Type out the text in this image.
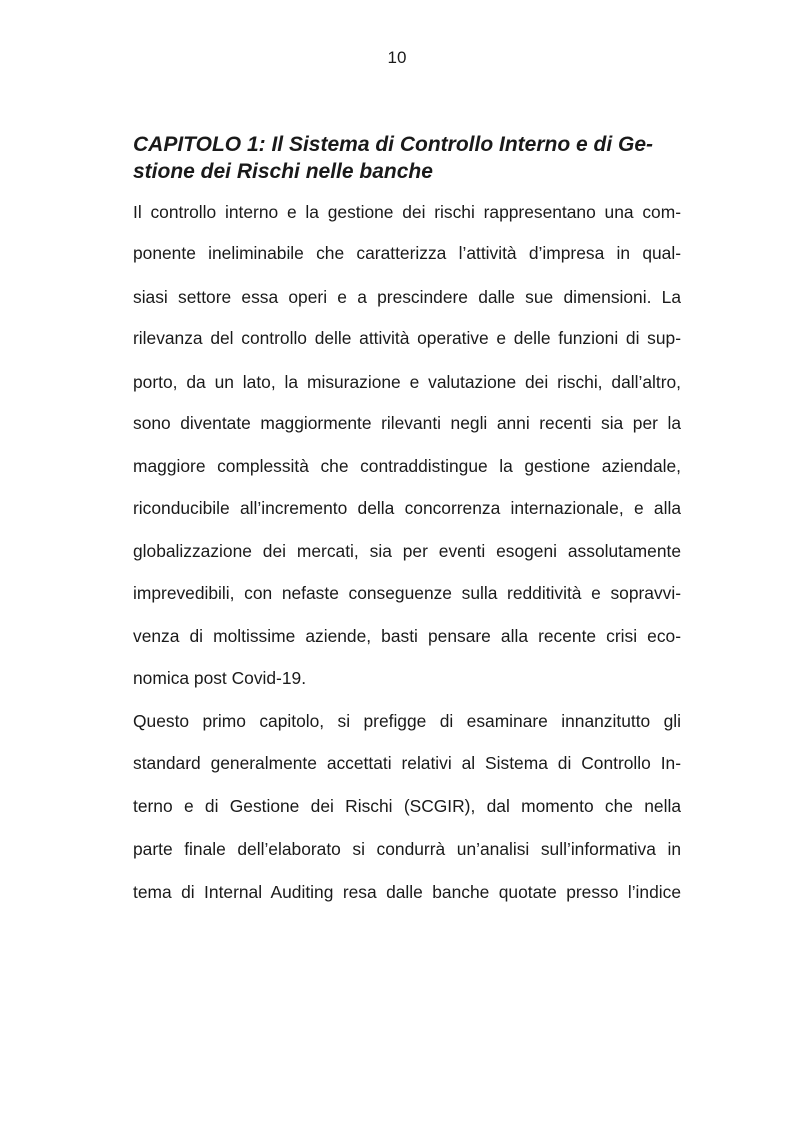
10
CAPITOLO 1: Il Sistema di Controllo Interno e di Ge-
stione dei Rischi nelle banche
Il controllo interno e la gestione dei rischi rappresentano una com-
ponente ineliminabile che caratterizza l’attività d’impresa in qual-
siasi settore essa operi e a prescindere dalle sue dimensioni. La
rilevanza del controllo delle attività operative e delle funzioni di sup-
porto, da un lato, la misurazione e valutazione dei rischi, dall’altro,
sono diventate maggiormente rilevanti negli anni recenti sia per la
maggiore complessità che contraddistingue la gestione aziendale,
riconducibile all’incremento della concorrenza internazionale, e alla
globalizzazione dei mercati, sia per eventi esogeni assolutamente
imprevedibili, con nefaste conseguenze sulla redditività e sopravvi-
venza di moltissime aziende, basti pensare alla recente crisi eco-
nomica post Covid-19.
Questo primo capitolo, si prefigge di esaminare innanzitutto gli
standard generalmente accettati relativi al Sistema di Controllo In-
terno e di Gestione dei Rischi (SCGIR), dal momento che nella
parte finale dell’elaborato si condurrà un’analisi sull’informativa in
tema di Internal Auditing resa dalle banche quotate presso l’indice
